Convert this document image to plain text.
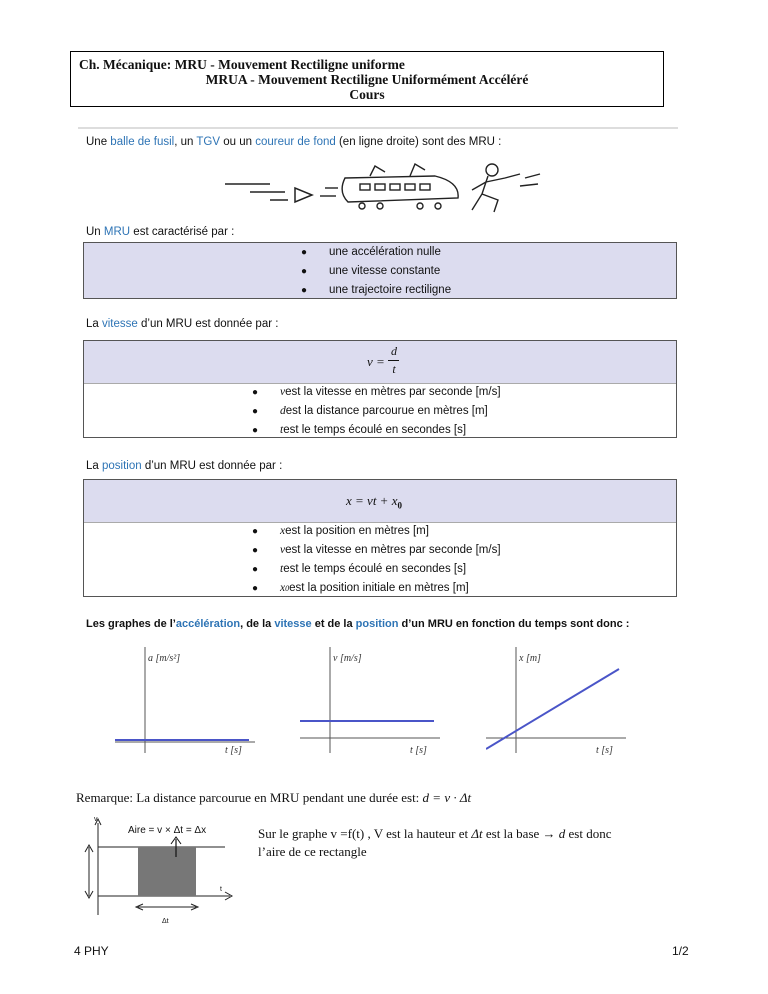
Ch. Mécanique: MRU - Mouvement Rectiligne uniforme
MRUA - Mouvement Rectiligne Uniformément Accéléré
Cours
Une balle de fusil, un TGV ou un coureur de fond (en ligne droite) sont des MRU :
Un MRU est caractérisé par :
●	une accélération nulle
●	une vitesse constante
●	une trajectoire rectiligne
La vitesse d’un MRU est donnée par :
v =
d
t
●	v est la vitesse en mètres par seconde [m/s]
●	d est la distance parcourue en mètres [m]
●	t est le temps écoulé en secondes [s]
La position d’un MRU est donnée par :
x = vt + $x_0$
●	x est la position en mètres [m]
●	v est la vitesse en mètres par seconde [m/s]
●	t est le temps écoulé en secondes [s]
●	x 0 est la position initiale en mètres [m]
Les graphes de l’accélération, de la vitesse et de la position d’un MRU en fonction du temps sont donc :
a [m/s²]
t [s]
v [m/s]
t [s]
x [m]
t [s]
Remarque: La distance parcourue en MRU pendant une durée est: d = v · Δt
Aire = v × Δt = Δx
v
t
Δt
Sur le graphe v =f(t) , V est la hauteur et Δt est la base → d est donc
l’aire de ce rectangle
4 PHY	1/2
